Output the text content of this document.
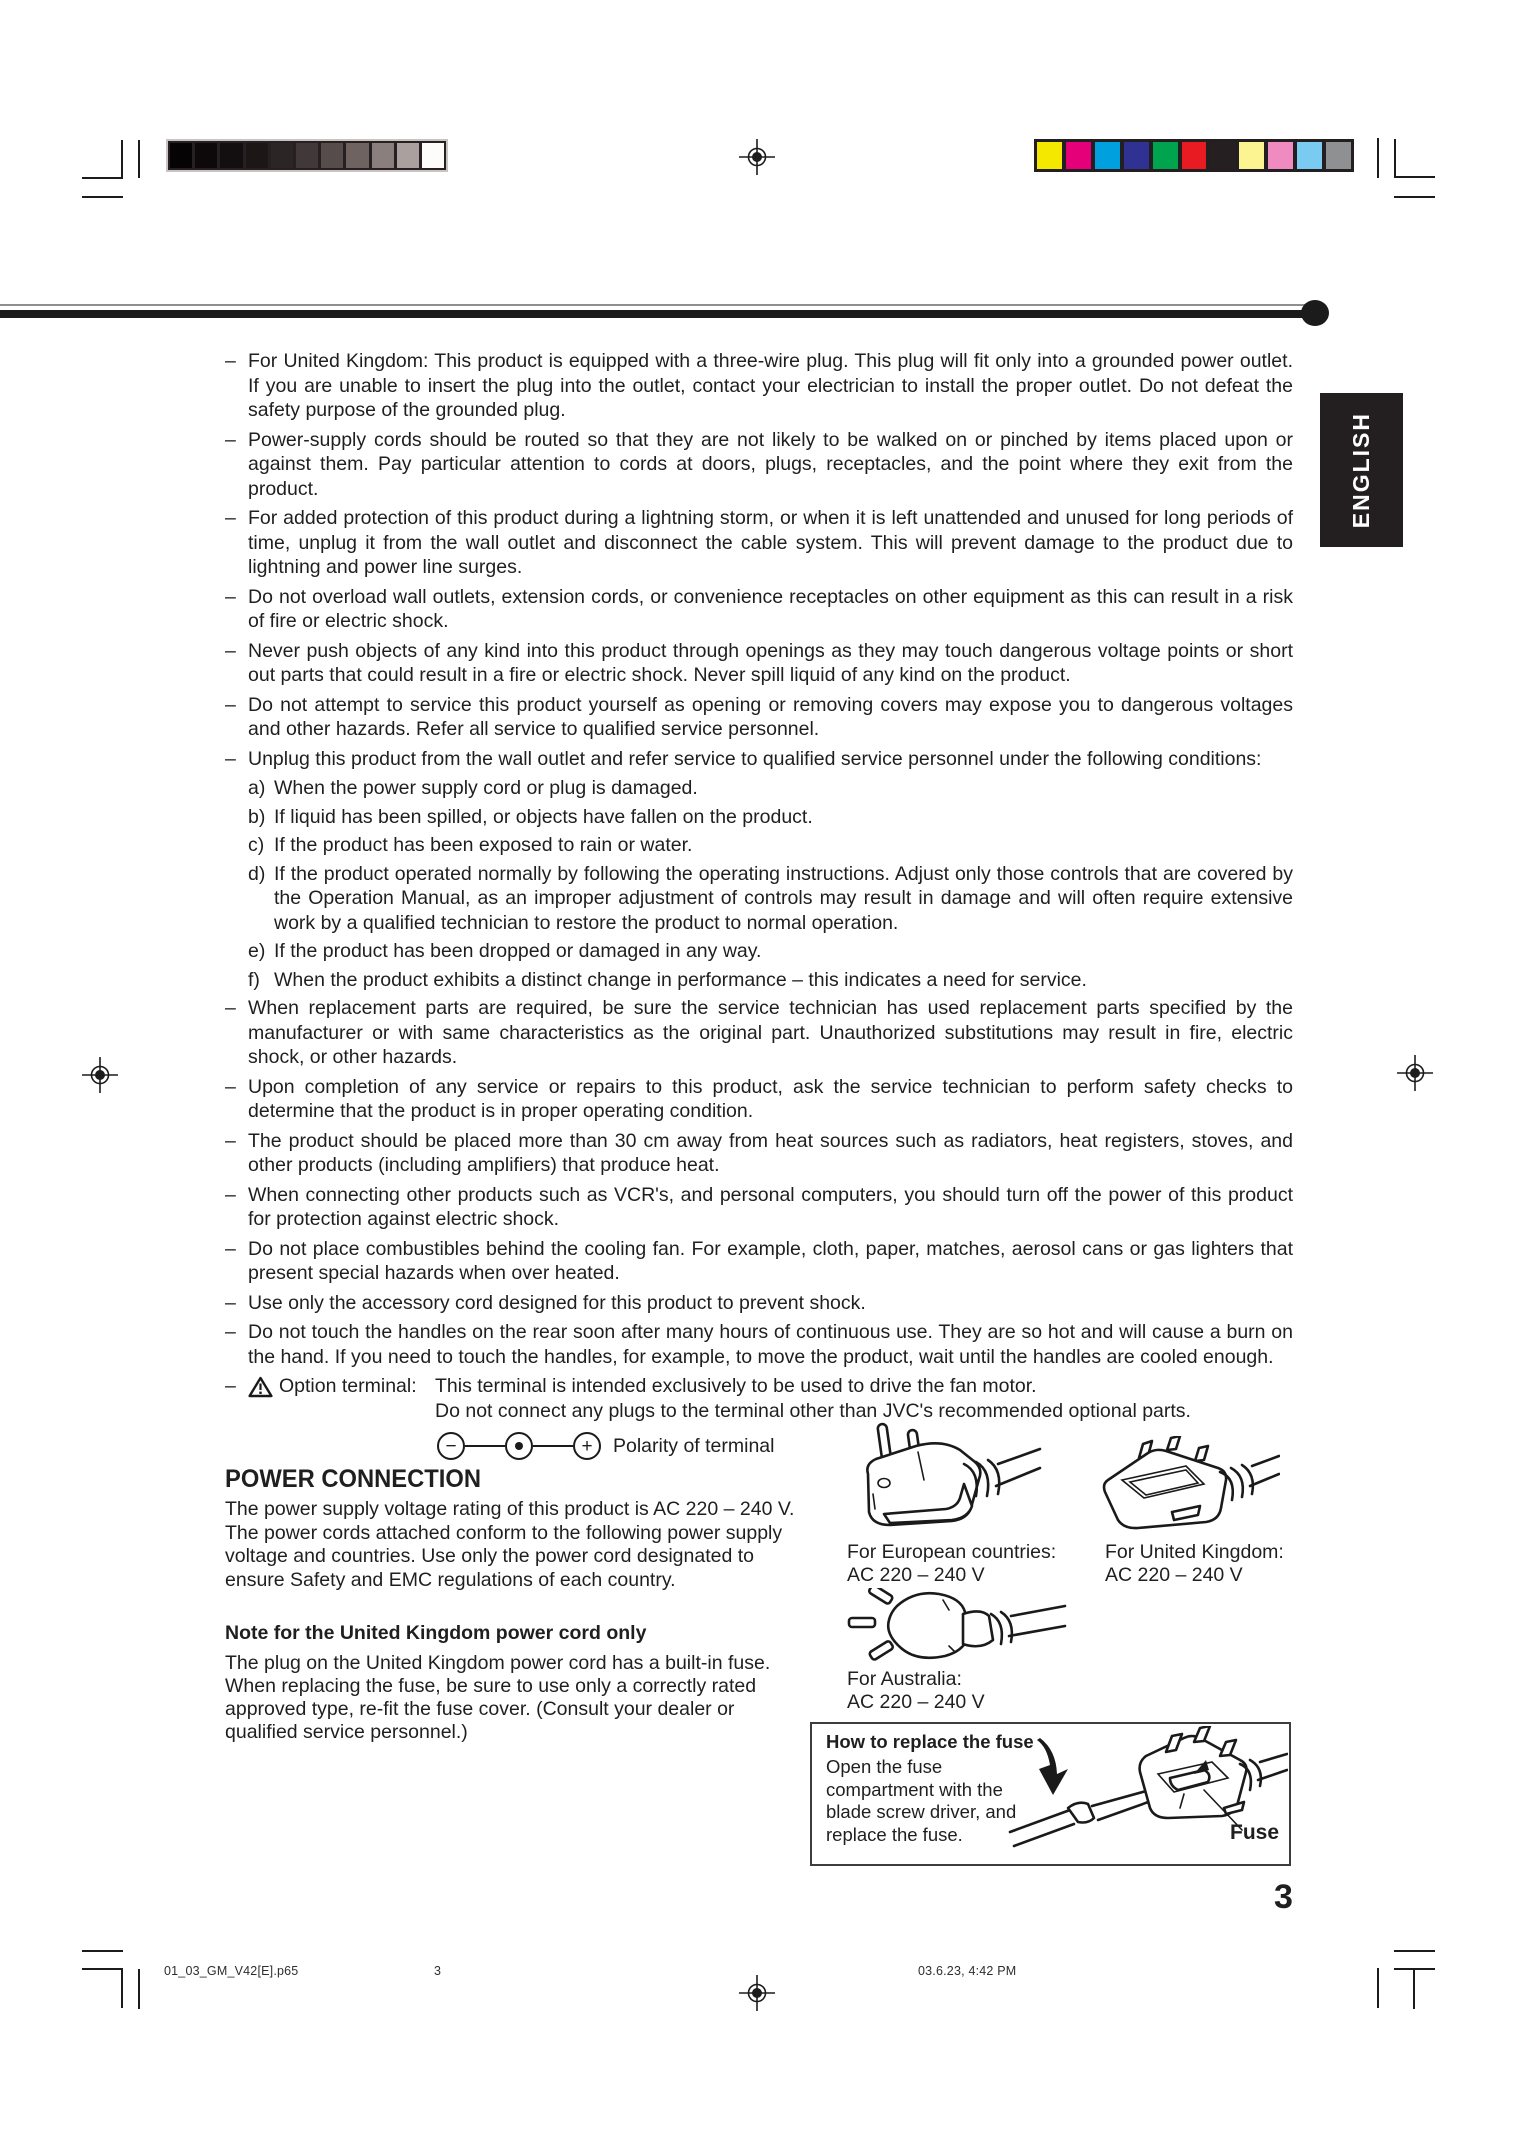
ENGLISH
– For United Kingdom: This product is equipped with a three-wire plug. This plug will fit only into a grounded power outlet. If you are unable to insert the plug into the outlet, contact your electrician to install the proper outlet. Do not defeat the safety purpose of the grounded plug.
– Power-supply cords should be routed so that they are not likely to be walked on or pinched by items placed upon or against them. Pay particular attention to cords at doors, plugs, receptacles, and the point where they exit from the product.
– For added protection of this product during a lightning storm, or when it is left unattended and unused for long periods of time, unplug it from the wall outlet and disconnect the cable system. This will prevent damage to the product due to lightning and power line surges.
– Do not overload wall outlets, extension cords, or convenience receptacles on other equipment as this can result in a risk of fire or electric shock.
– Never push objects of any kind into this product through openings as they may touch dangerous voltage points or short out parts that could result in a fire or electric shock. Never spill liquid of any kind on the product.
– Do not attempt to service this product yourself as opening or removing covers may expose you to dangerous voltages and other hazards. Refer all service to qualified service personnel.
– Unplug this product from the wall outlet and refer service to qualified service personnel under the following conditions:
a) When the power supply cord or plug is damaged.
b) If liquid has been spilled, or objects have fallen on the product.
c) If the product has been exposed to rain or water.
d) If the product operated normally by following the operating instructions. Adjust only those controls that are covered by the Operation Manual, as an improper adjustment of controls may result in damage and will often require extensive work by a qualified technician to restore the product to normal operation.
e) If the product has been dropped or damaged in any way.
f) When the product exhibits a distinct change in performance – this indicates a need for service.
– When replacement parts are required, be sure the service technician has used replacement parts specified by the manufacturer or with same characteristics as the original part. Unauthorized substitutions may result in fire, electric shock, or other hazards.
– Upon completion of any service or repairs to this product, ask the service technician to perform safety checks to determine that the product is in proper operating condition.
– The product should be placed more than 30 cm away from heat sources such as radiators, heat registers, stoves, and other products (including amplifiers) that produce heat.
– When connecting other products such as VCR's, and personal computers, you should turn off the power of this product for protection against electric shock.
– Do not place combustibles behind the cooling fan. For example, cloth, paper, matches, aerosol cans or gas lighters that present special hazards when over heated.
– Use only the accessory cord designed for this product to prevent shock.
– Do not touch the handles on the rear soon after many hours of continuous use. They are so hot and will cause a burn on the hand. If you need to touch the handles, for example, to move the product, wait until the handles are cooled enough.
–	Option terminal: This terminal is intended exclusively to be used to drive the fan motor.
Do not connect any plugs to the terminal other than JVC's recommended optional parts.
−	+	Polarity of terminal
POWER CONNECTION
The power supply voltage rating of this product is AC 220 – 240 V. The power cords attached conform to the following power supply voltage and countries. Use only the power cord designated to ensure Safety and EMC regulations of each country.
Note for the United Kingdom power cord only
The plug on the United Kingdom power cord has a built-in fuse. When replacing the fuse, be sure to use only a correctly rated approved type, re-fit the fuse cover. (Consult your dealer or qualified service personnel.)
For European countries:
AC 220 – 240 V
For United Kingdom:
AC 220 – 240 V
For Australia:
AC 220 – 240 V
How to replace the fuse
Open the fuse compartment with the blade screw driver, and replace the fuse.	Fuse
3
01_03_GM_V42[E].p65	3	03.6.23, 4:42 PM
